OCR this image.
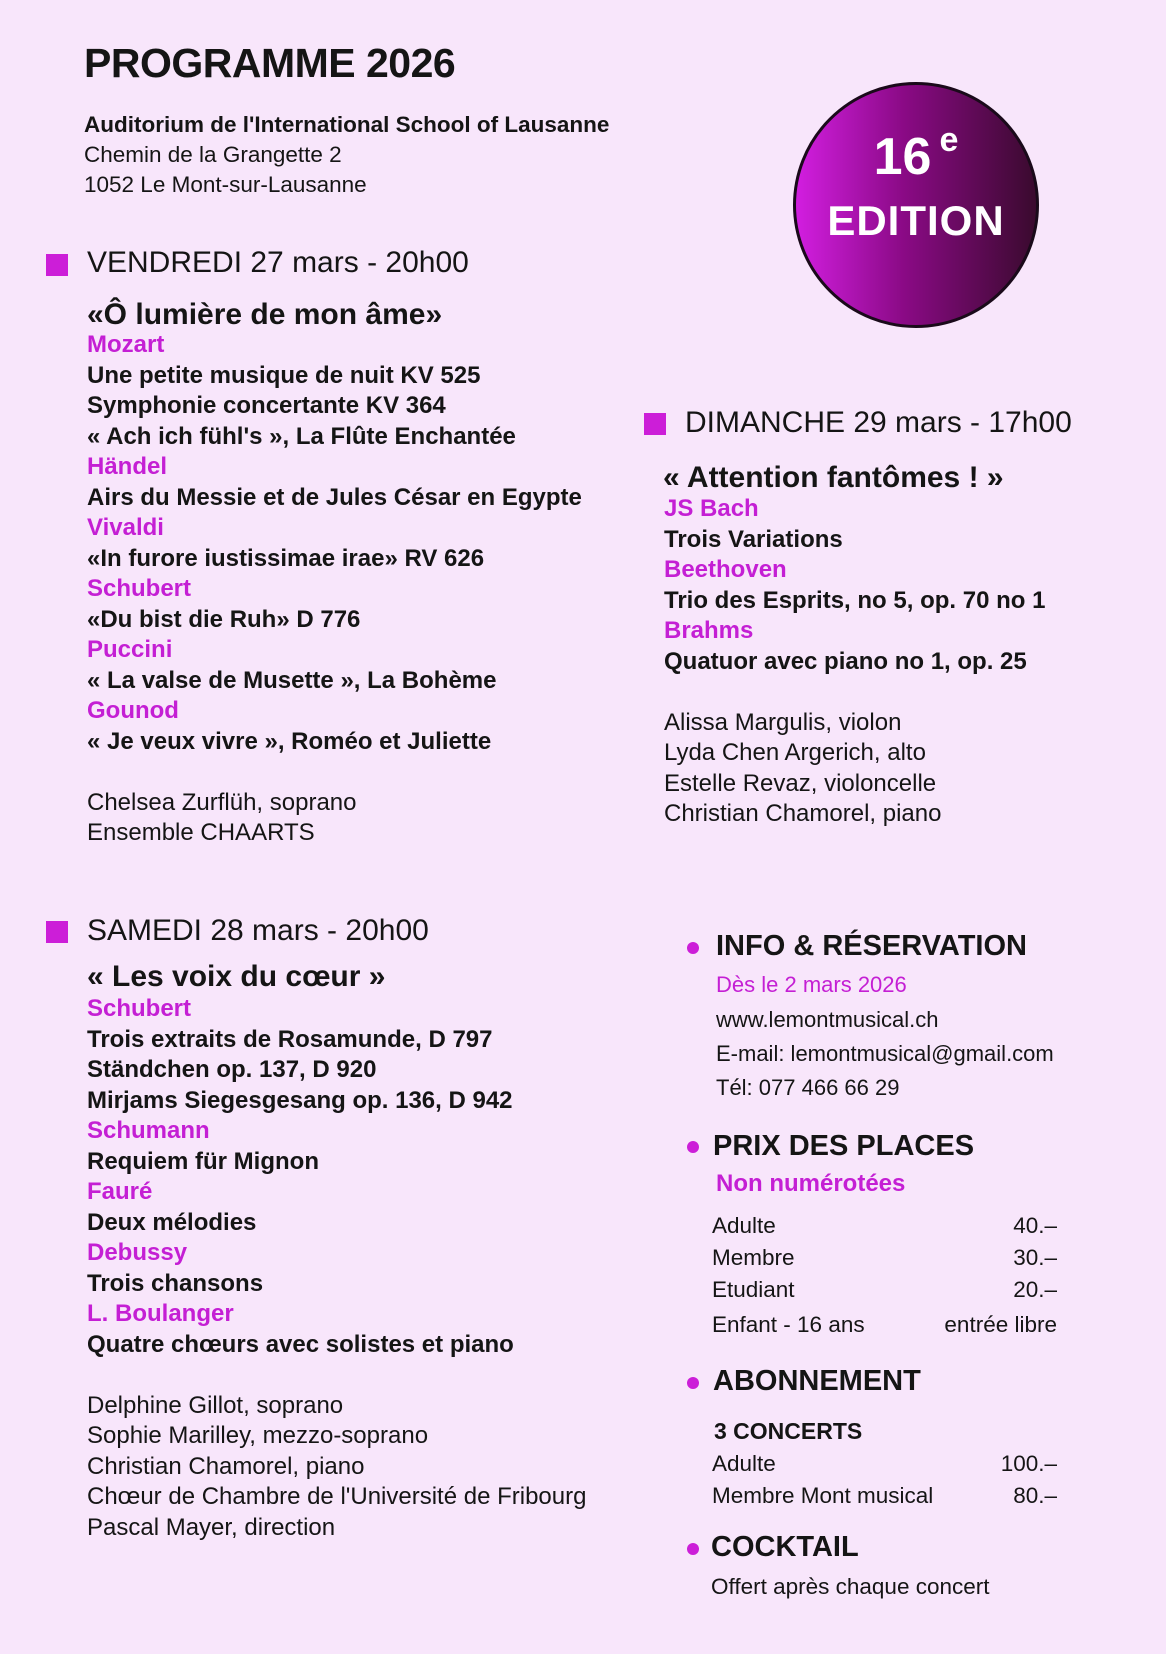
PROGRAMME 2026
Auditorium de l'International School of Lausanne
Chemin de la Grangette 2
1052 Le Mont-sur-Lausanne	16 $^e$
EDITION
VENDREDI 27 mars - 20h00
«Ô lumière de mon âme»
Mozart
Une petite musique de nuit KV 525
Symphonie concertante KV 364
« Ach ich fühl's », La Flûte Enchantée
Händel
Airs du Messie et de Jules César en Egypte
Vivaldi
«In furore iustissimae irae» RV 626
Schubert
«Du bist die Ruh» D 776
Puccini
« La valse de Musette », La Bohème
Gounod
« Je veux vivre », Roméo et Juliette
Chelsea Zurflüh, soprano
Ensemble CHAARTS
SAMEDI 28 mars - 20h00
« Les voix du cœur »
Schubert
Trois extraits de Rosamunde, D 797
Ständchen op. 137, D 920
Mirjams Siegesgesang op. 136, D 942
Schumann
Requiem für Mignon
Fauré
Deux mélodies
Debussy
Trois chansons
L. Boulanger
Quatre chœurs avec solistes et piano
Delphine Gillot, soprano
Sophie Marilley, mezzo-soprano
Christian Chamorel, piano
Chœur de Chambre de l'Université de Fribourg
Pascal Mayer, direction
DIMANCHE 29 mars - 17h00
« Attention fantômes ! »
JS Bach
Trois Variations
Beethoven
Trio des Esprits, no 5, op. 70 no 1
Brahms
Quatuor avec piano no 1, op. 25
Alissa Margulis, violon
Lyda Chen Argerich, alto
Estelle Revaz, violoncelle
Christian Chamorel, piano
INFO & RÉSERVATION
Dès le 2 mars 2026
www.lemontmusical.ch
E-mail: lemontmusical@gmail.com
Tél: 077 466 66 29
PRIX DES PLACES
Non numérotées
Adulte	40.–
Membre	30.–
Etudiant	20.–
Enfant - 16 ans	entrée libre
ABONNEMENT
3 CONCERTS
Adulte	100.–
Membre Mont musical	80.–
COCKTAIL
Offert après chaque concert
